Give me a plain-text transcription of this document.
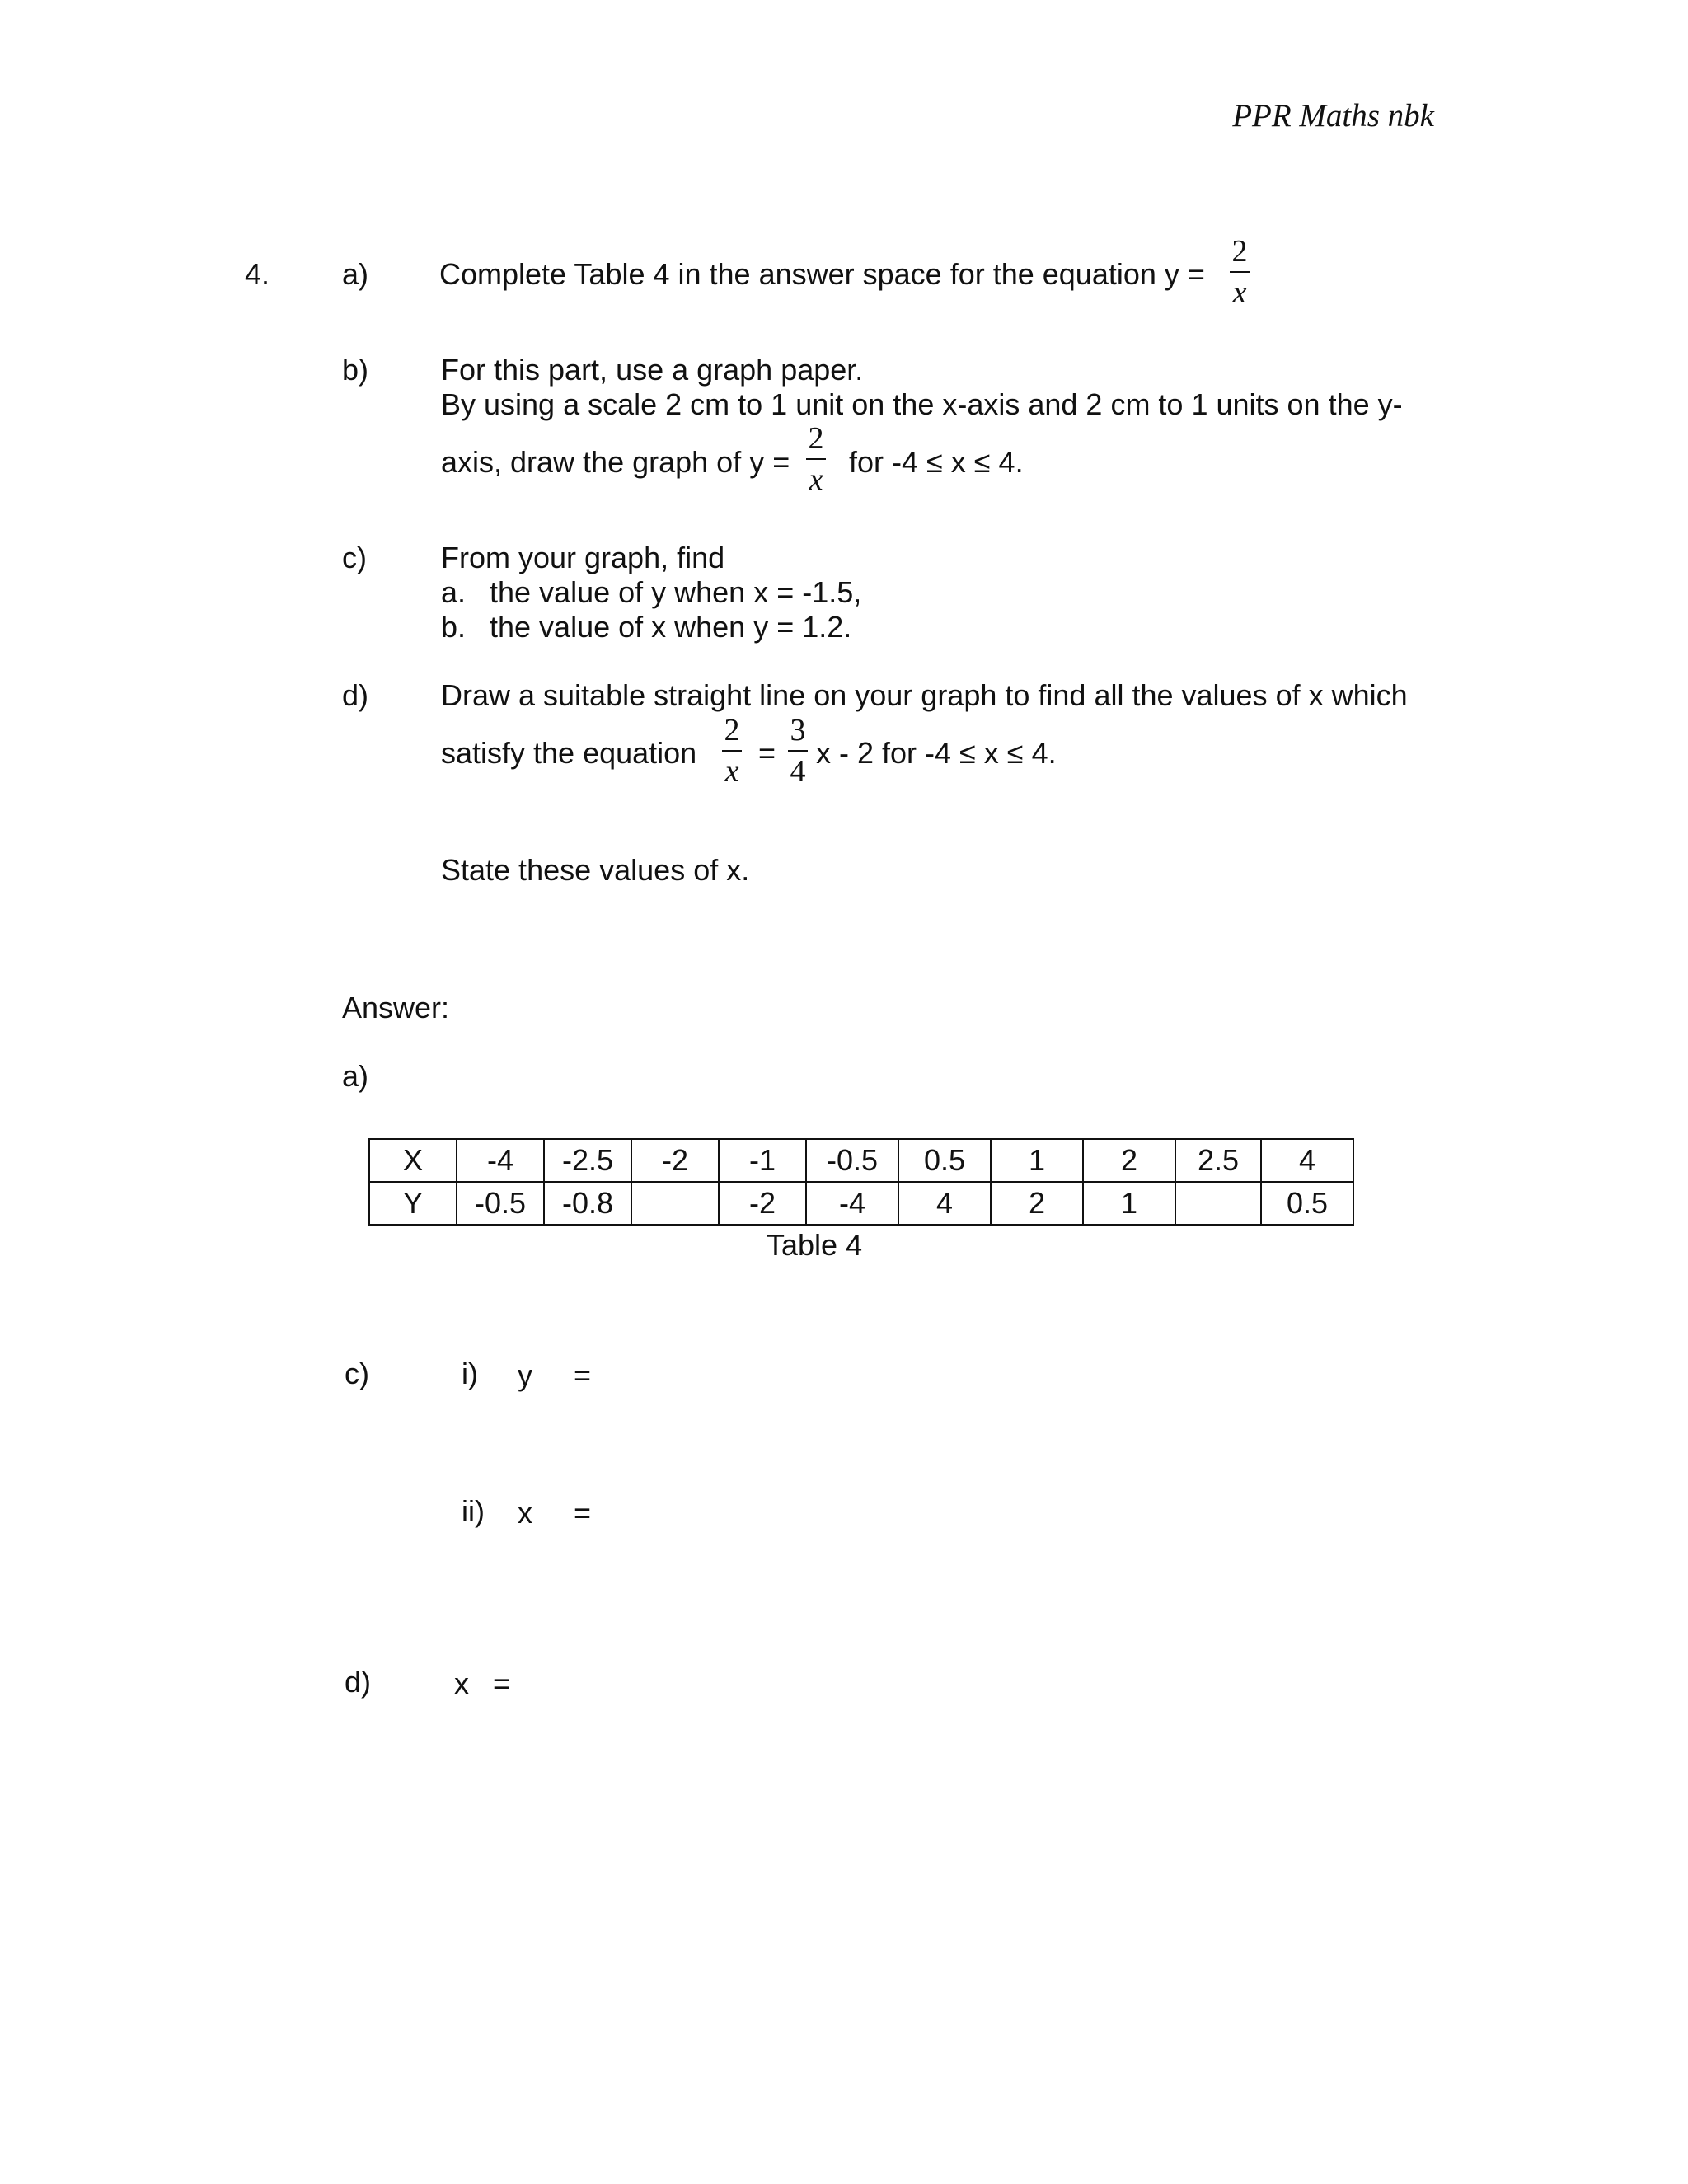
PPR Maths nbk
4. a) Complete Table 4 in the answer space for the equation y =
2
x
b) For this part, use a graph paper.
By using a scale 2 cm to 1 unit on the x-axis and 2 cm to 1 units on the y-
axis, draw the graph of y =
2
x
for -4 ≤ x ≤ 4.
c)	From your graph, find
a. the value of y when x = -1.5,
b. the value of x when y = 1.2.
d) Draw a suitable straight line on your graph to find all the values of x which
satisfy the equation
2
x
=
3
4
x - 2 for -4 ≤ x ≤ 4.
State these values of x.
Answer:
a)
X	-4	-2.5	-2	-1	-0.5	0.5	1	2	2.5	4
Y	-0.5	-0.8		-2	-4	4	2	1		0.5
Table 4
c)	i) y =
ii) x =
d)	x =
